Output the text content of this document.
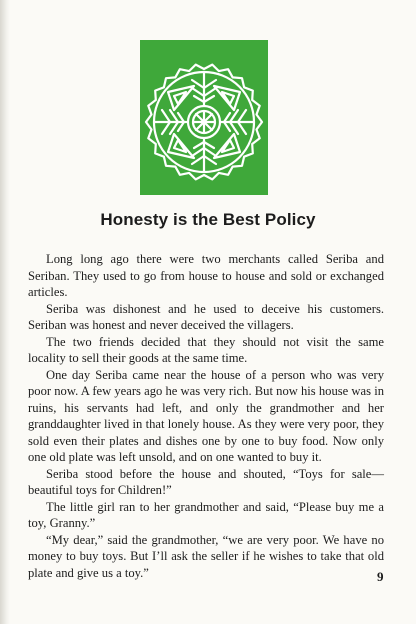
Honesty is the Best Policy

Long long ago there were two merchants called Seriba and Seriban. They used to go from house to house and sold or exchanged articles.

Seriba was dishonest and he used to deceive his customers. Seriban was honest and never deceived the villagers.

The two friends decided that they should not visit the same locality to sell their goods at the same time.

One day Seriba came near the house of a person who was very poor now. A few years ago he was very rich. But now his house was in ruins, his servants had left, and only the grandmother and her granddaughter lived in that lonely house. As they were very poor, they sold even their plates and dishes one by one to buy food. Now only one old plate was left unsold, and on one wanted to buy it.

Seriba stood before the house and shouted, “Toys for sale—beautiful toys for Children!”

The little girl ran to her grandmother and said, “Please buy me a toy, Granny.”

“My dear,” said the grandmother, “we are very poor. We have no money to buy toys. But I’ll ask the seller if he wishes to take that old plate and give us a toy.”	9
